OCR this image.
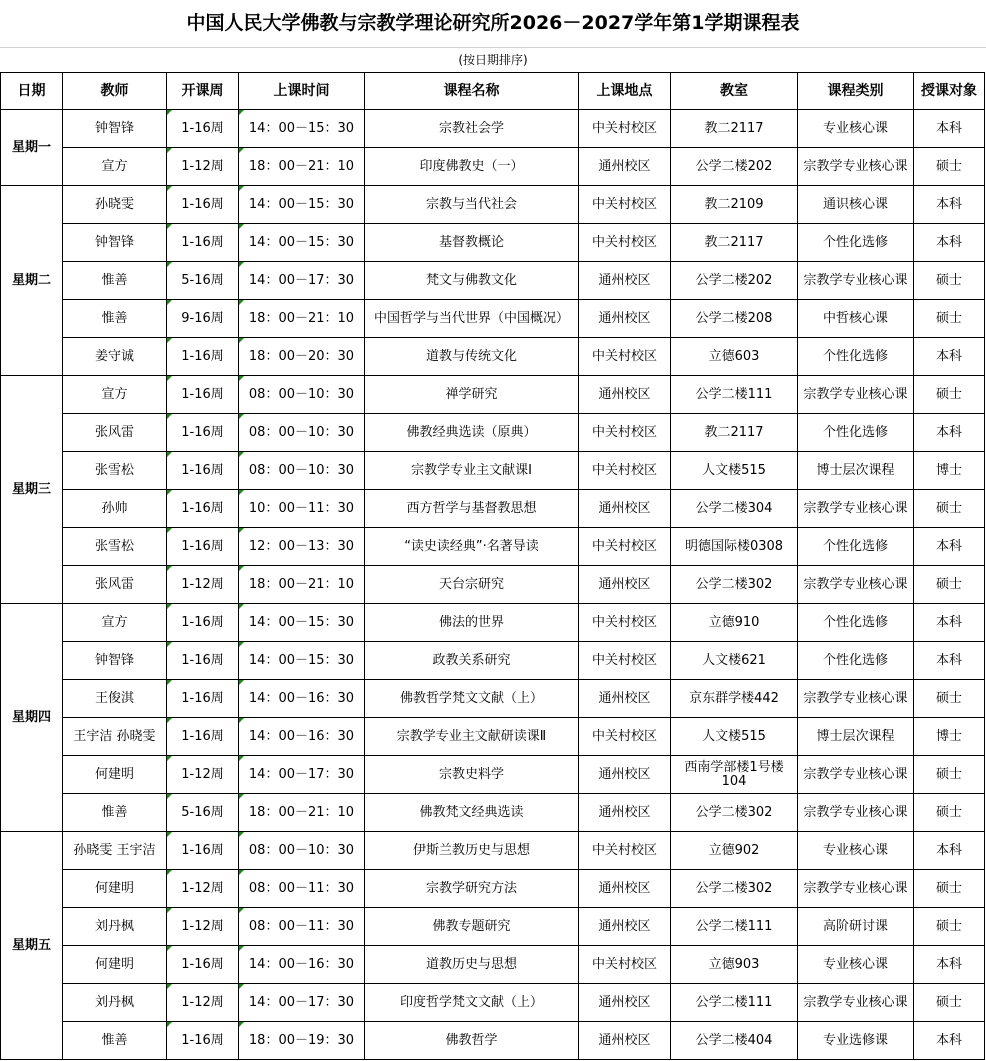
中国人民大学佛教与宗教学理论研究所2026－2027学年第1学期课程表
(按日期排序)
日期	教师	开课周	上课时间	课程名称	上课地点	教室	课程类别	授课对象
星期一	钟智锋	1-16周	14：00－15：30	宗教社会学	中关村校区	教二2117	专业核心课	本科
	宣方	1-12周	18：00－21：10	印度佛教史（一）	通州校区	公学二楼202	宗教学专业核心课	硕士
星期二	孙晓雯	1-16周	14：00－15：30	宗教与当代社会	中关村校区	教二2109	通识核心课	本科
	钟智锋	1-16周	14：00－15：30	基督教概论	中关村校区	教二2117	个性化选修	本科
	惟善	5-16周	14：00－17：30	梵文与佛教文化	通州校区	公学二楼202	宗教学专业核心课	硕士
	惟善	9-16周	18：00－21：10	中国哲学与当代世界（中国概况）	通州校区	公学二楼208	中哲核心课	硕士
	姜守诚	1-16周	18：00－20：30	道教与传统文化	中关村校区	立德603	个性化选修	本科
星期三	宣方	1-16周	08：00－10：30	禅学研究	通州校区	公学二楼111	宗教学专业核心课	硕士
	张风雷	1-16周	08：00－10：30	佛教经典选读（原典）	中关村校区	教二2117	个性化选修	本科
	张雪松	1-16周	08：00－10：30	宗教学专业主文献课Ⅰ	中关村校区	人文楼515	博士层次课程	博士
	孙帅	1-16周	10：00－11：30	西方哲学与基督教思想	通州校区	公学二楼304	宗教学专业核心课	硕士
	张雪松	1-16周	12：00－13：30	“读史读经典”·名著导读	中关村校区	明德国际楼0308	个性化选修	本科
	张风雷	1-12周	18：00－21：10	天台宗研究	通州校区	公学二楼302	宗教学专业核心课	硕士
星期四	宣方	1-16周	14：00－15：30	佛法的世界	中关村校区	立德910	个性化选修	本科
	钟智锋	1-16周	14：00－15：30	政教关系研究	中关村校区	人文楼621	个性化选修	本科
	王俊淇	1-16周	14：00－16：30	佛教哲学梵文文献（上）	通州校区	京东群学楼442	宗教学专业核心课	硕士
	王宇洁 孙晓雯	1-16周	14：00－16：30	宗教学专业主文献研读课Ⅱ	中关村校区	人文楼515	博士层次课程	博士
	何建明	1-12周	14：00－17：30	宗教史料学	通州校区	西南学部楼1号楼104	宗教学专业核心课	硕士
	惟善	5-16周	18：00－21：10	佛教梵文经典选读	通州校区	公学二楼302	宗教学专业核心课	硕士
星期五	孙晓雯 王宇洁	1-16周	08：00－10：30	伊斯兰教历史与思想	中关村校区	立德902	专业核心课	本科
	何建明	1-12周	08：00－11：30	宗教学研究方法	通州校区	公学二楼302	宗教学专业核心课	硕士
	刘丹枫	1-12周	08：00－11：30	佛教专题研究	通州校区	公学二楼111	高阶研讨课	硕士
	何建明	1-16周	14：00－16：30	道教历史与思想	中关村校区	立德903	专业核心课	本科
	刘丹枫	1-12周	14：00－17：30	印度哲学梵文文献（上）	通州校区	公学二楼111	宗教学专业核心课	硕士
	惟善	1-16周	18：00－19：30	佛教哲学	通州校区	公学二楼404	专业选修课	本科
